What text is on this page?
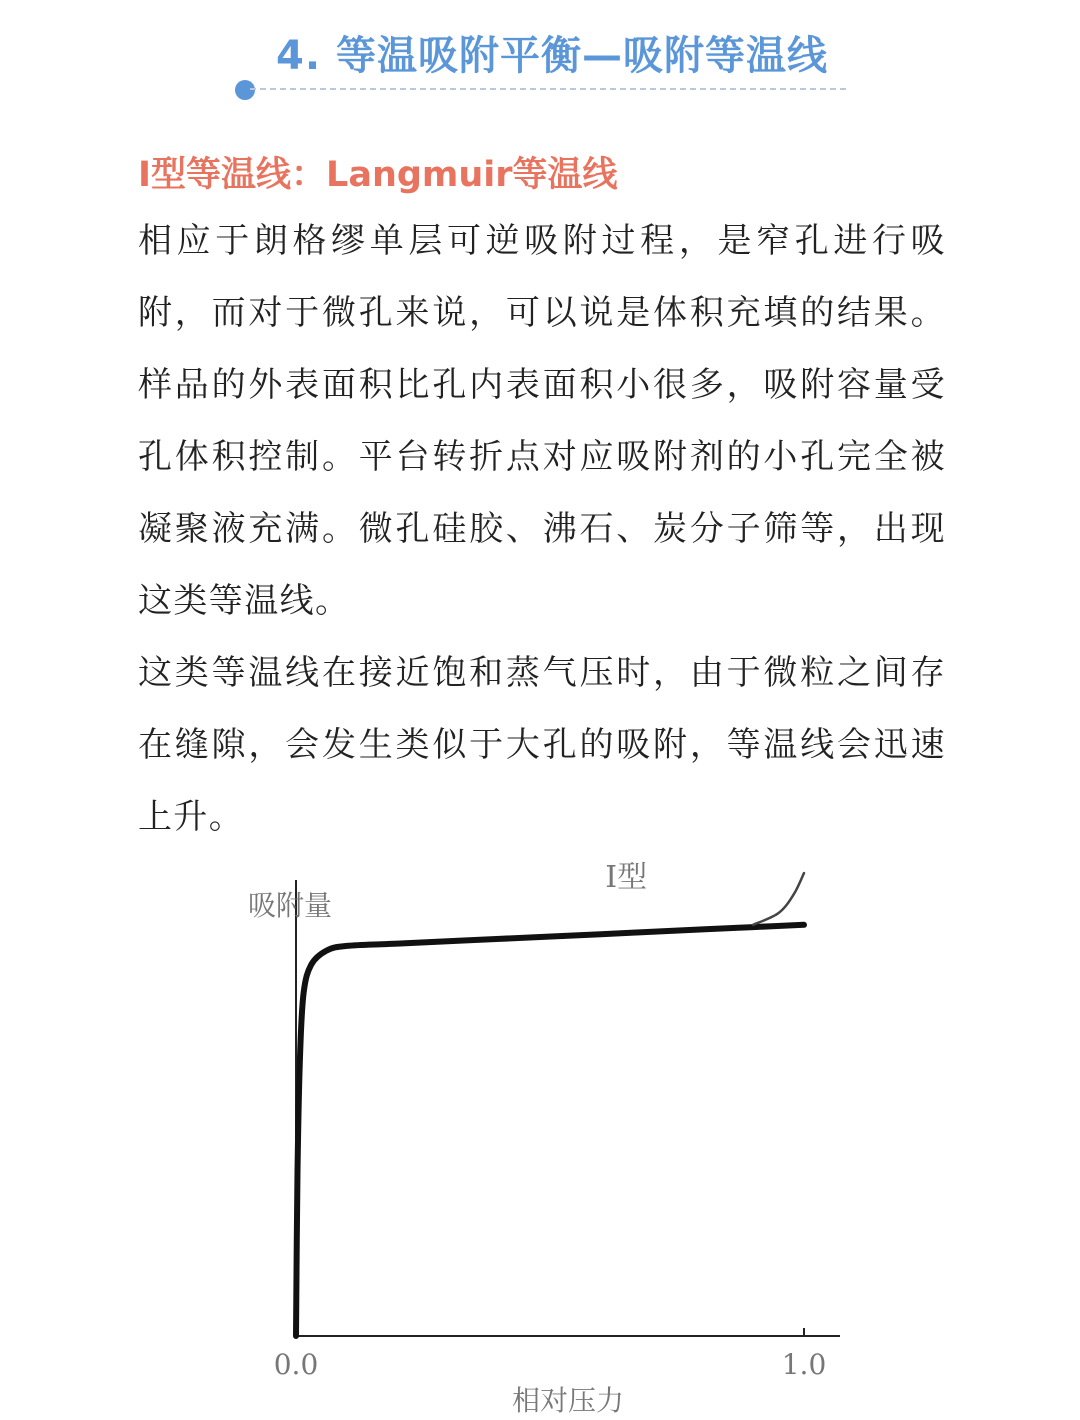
4. 等温吸附平衡—吸附等温线
I型等温线：Langmuir等温线

相应于朗格缪单层可逆吸附过程，是窄孔进行吸附，而对于微孔来说，可以说是体积充填的结果。样品的外表面积比孔内表面积小很多，吸附容量受孔体积控制。平台转折点对应吸附剂的小孔完全被凝聚液充满。微孔硅胶、沸石、炭分子筛等，出现这类等温线。

这类等温线在接近饱和蒸气压时，由于微粒之间存在缝隙，会发生类似于大孔的吸附，等温线会迅速上升。

吸附量
相对压力
0.0	1.0
I型
